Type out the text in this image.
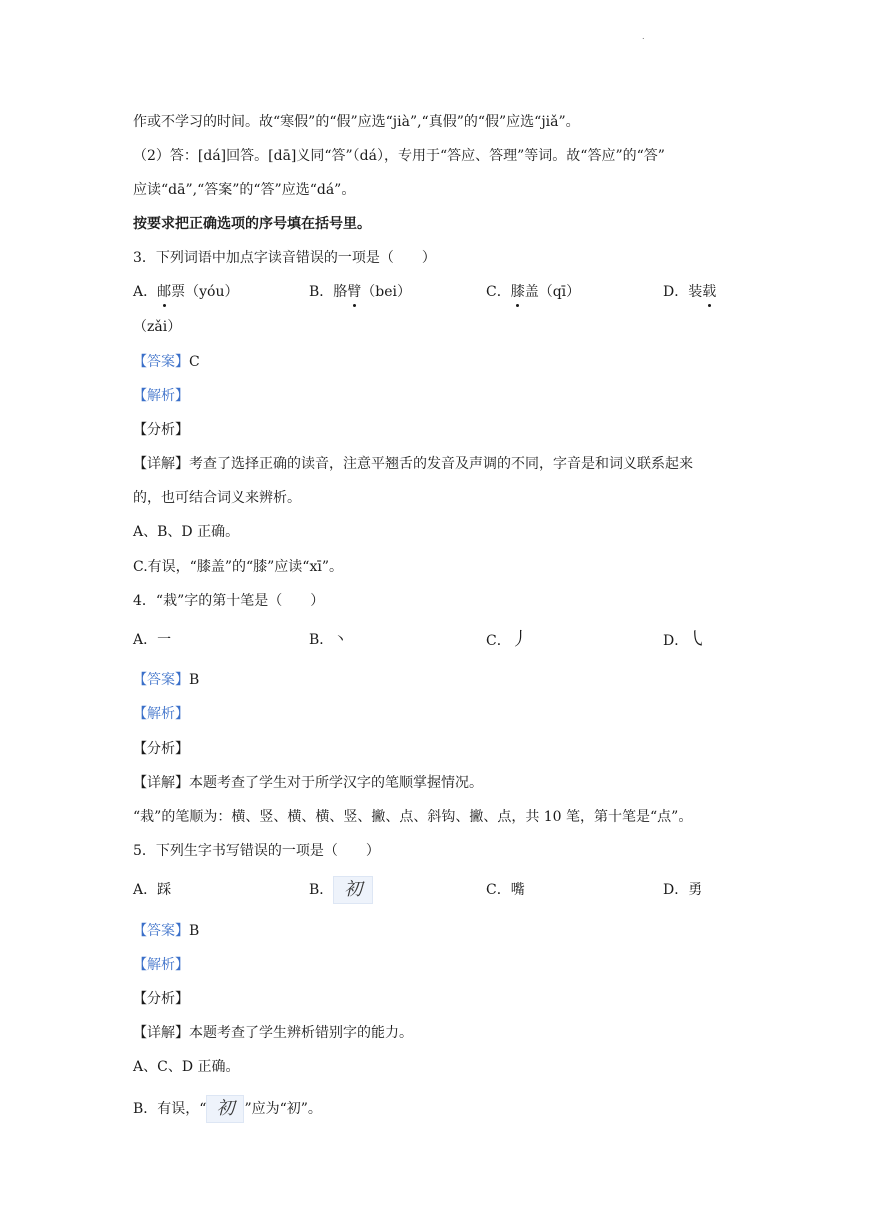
.
作或不学习的时间。故“寒假”的“假”应选“jià”,“真假”的“假”应选“jiǎ”。
（2）答：[dá]回答。[dā]义同“答”（dá），专用于“答应、答理”等词。故“答应”的“答”
应读“dā”,“答案”的“答”应选“dá”。
按要求把正确选项的序号填在括号里。
3．下列词语中加点字读音错误的一项是（　　）
A．邮票（yóu）	B．胳臂（bei）	C．膝盖（qī）	D．装载
（zǎi）
【答案】C
【解析】
【分析】
【详解】考查了选择正确的读音，注意平翘舌的发音及声调的不同，字音是和词义联系起来
的，也可结合词义来辨析。
A、B、D 正确。
C.有误，“膝盖”的“膝”应读“xī”。
4．“栽”字的第十笔是（　　）
A．一	B．丶	C．丿	D．㇂
【答案】B
【解析】
【分析】
【详解】本题考查了学生对于所学汉字的笔顺掌握情况。
“栽”的笔顺为：横、竖、横、横、竖、撇、点、斜钩、撇、点，共 10 笔，第十笔是“点”。
5．下列生字书写错误的一项是（　　）
A．踩	B． 初	C．嘴	D．勇
【答案】B
【解析】
【分析】
【详解】本题考查了学生辨析错别字的能力。
A、C、D 正确。
B．有误，“ 初 ”应为“初”。
